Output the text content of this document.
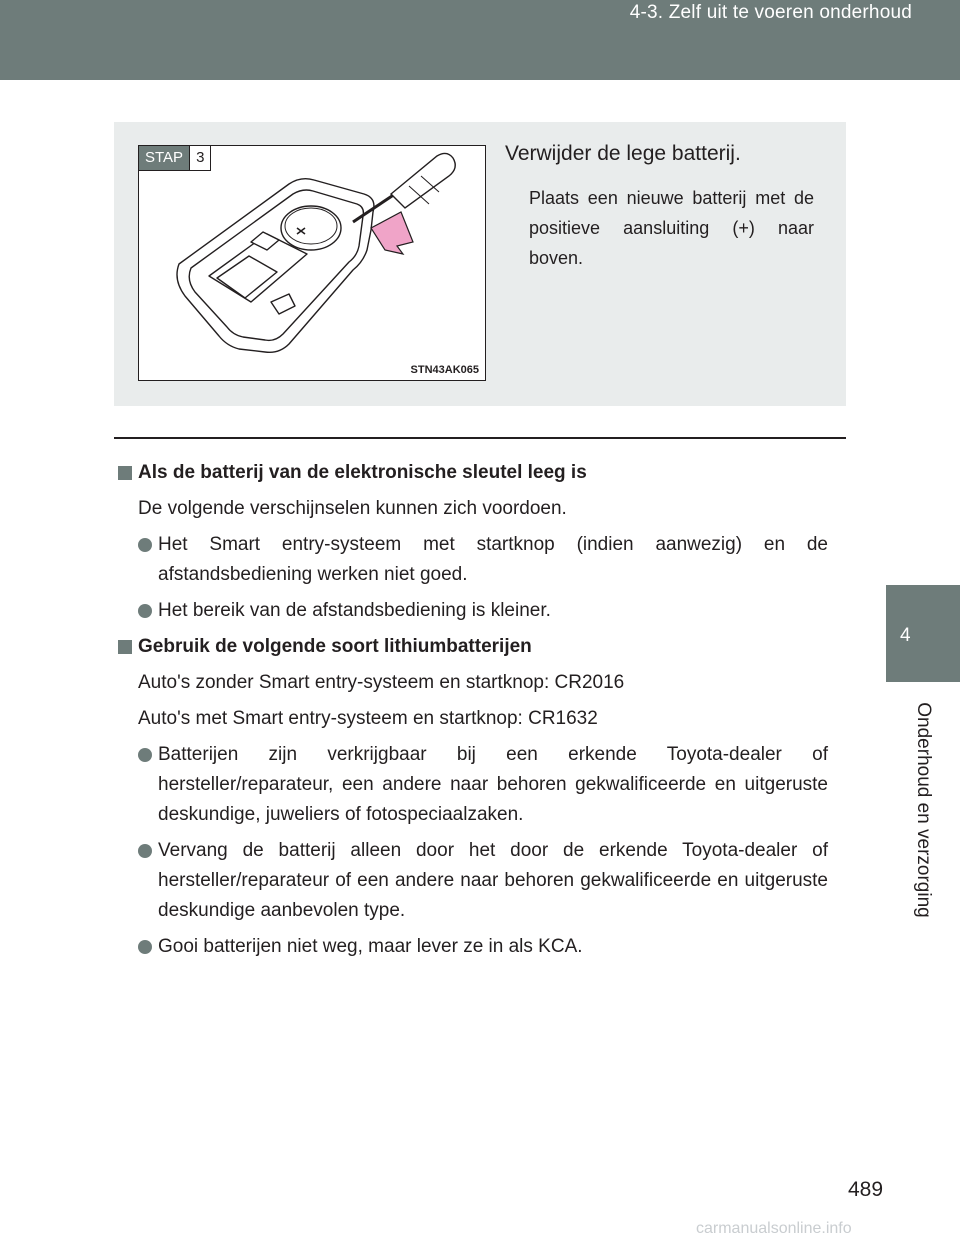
4-3. Zelf uit te voeren onderhoud
4
Onderhoud en verzorging
STAP 3
STN43AK065
Verwijder de lege batterij.
Plaats een nieuwe batterij met de positieve aansluiting (+) naar boven.
Als de batterij van de elektronische sleutel leeg is
De volgende verschijnselen kunnen zich voordoen.
Het Smart entry-systeem met startknop (indien aanwezig) en de afstandsbediening werken niet goed.
Het bereik van de afstandsbediening is kleiner.
Gebruik de volgende soort lithiumbatterijen
Auto's zonder Smart entry-systeem en startknop: CR2016
Auto's met Smart entry-systeem en startknop: CR1632
Batterijen zijn verkrijgbaar bij een erkende Toyota-dealer of hersteller/reparateur, een andere naar behoren gekwalificeerde en uitgeruste deskundige, juweliers of fotospeciaalzaken.
Vervang de batterij alleen door het door de erkende Toyota-dealer of hersteller/reparateur of een andere naar behoren gekwalificeerde en uitgeruste deskundige aanbevolen type.
Gooi batterijen niet weg, maar lever ze in als KCA.
489
carmanualsonline.info
